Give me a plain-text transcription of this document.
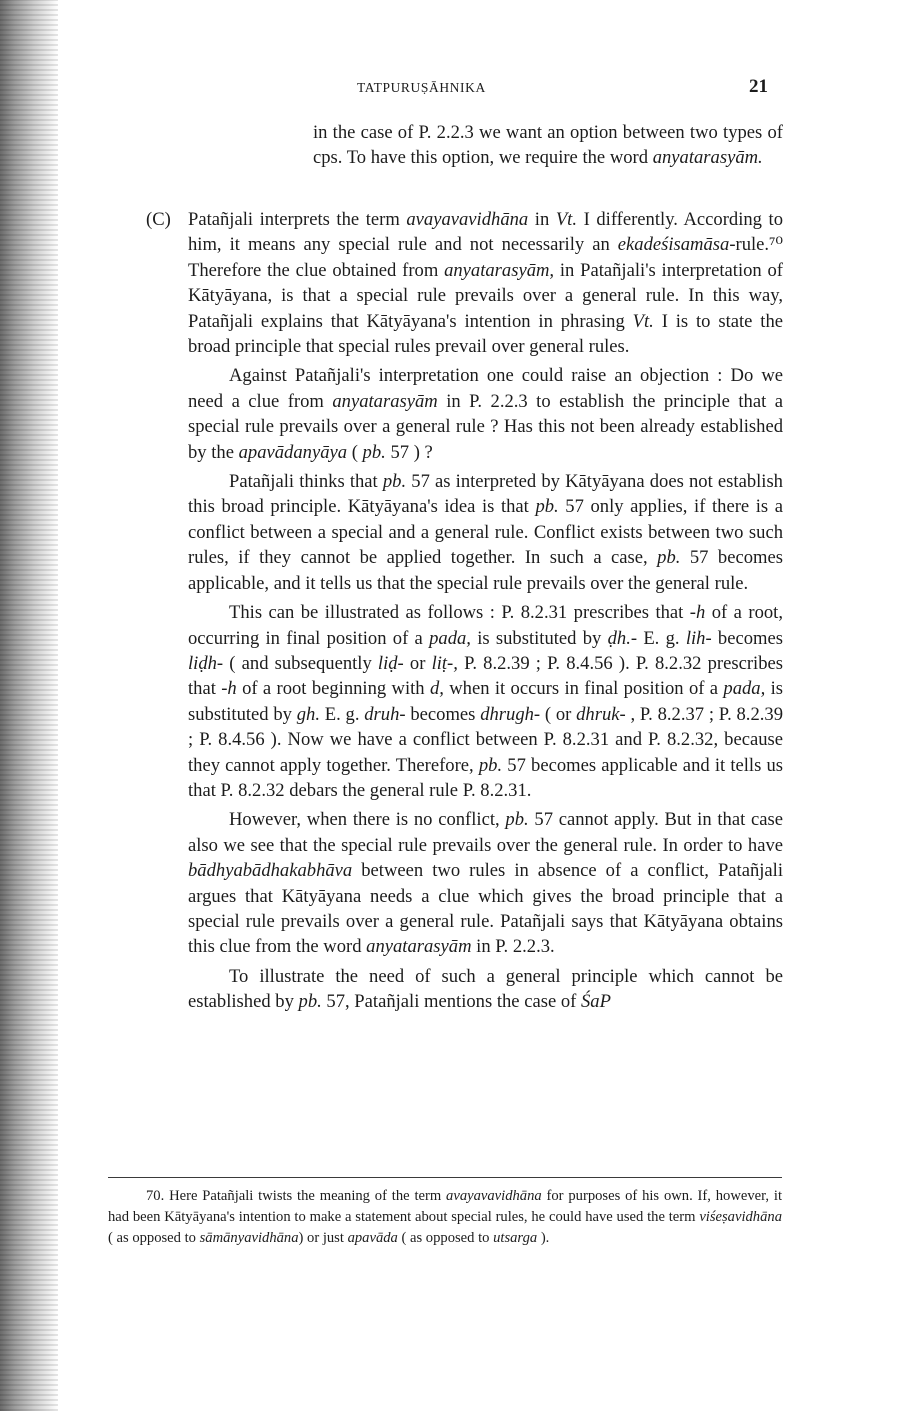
TATPURUṢĀHNIKA	21

in the case of P. 2.2.3 we want an option between two types of cps. To have this option, we require the word anyatarasyām.

(C) Patañjali interprets the term avayavavidhāna in Vt. I differently. According to him, it means any special rule and not necessarily an ekadeśisamāsa-rule.⁷⁰ Therefore the clue obtained from anyatarasyām, in Patañjali's interpretation of Kātyāyana, is that a special rule prevails over a general rule. In this way, Patañjali explains that Kātyāyana's intention in phrasing Vt. I is to state the broad principle that special rules prevail over general rules.

Against Patañjali's interpretation one could raise an objection : Do we need a clue from anyatarasyām in P. 2.2.3 to establish the principle that a special rule prevails over a general rule ? Has this not been already established by the apavādanyāya ( pb. 57 ) ?

Patañjali thinks that pb. 57 as interpreted by Kātyāyana does not establish this broad principle. Kātyāyana's idea is that pb. 57 only applies, if there is a conflict between a special and a general rule. Conflict exists between two such rules, if they cannot be applied together. In such a case, pb. 57 becomes applicable, and it tells us that the special rule prevails over the general rule.

This can be illustrated as follows : P. 8.2.31 prescribes that -h of a root, occurring in final position of a pada, is substituted by ḍh.- E. g. lih- becomes liḍh- ( and subsequently liḍ- or liṭ-, P. 8.2.39 ; P. 8.4.56 ). P. 8.2.32 prescribes that -h of a root beginning with d, when it occurs in final position of a pada, is substituted by gh. E. g. druh- becomes dhrugh- ( or dhruk- , P. 8.2.37 ; P. 8.2.39 ; P. 8.4.56 ). Now we have a conflict between P. 8.2.31 and P. 8.2.32, because they cannot apply together. Therefore, pb. 57 becomes applicable and it tells us that P. 8.2.32 debars the general rule P. 8.2.31.

However, when there is no conflict, pb. 57 cannot apply. But in that case also we see that the special rule prevails over the general rule. In order to have bādhyabādhakabhāva between two rules in absence of a conflict, Patañjali argues that Kātyāyana needs a clue which gives the broad principle that a special rule prevails over a general rule. Patañjali says that Kātyāyana obtains this clue from the word anyatarasyām in P. 2.2.3.

To illustrate the need of such a general principle which cannot be established by pb. 57, Patañjali mentions the case of ŚaP

70. Here Patañjali twists the meaning of the term avayavavidhāna for purposes of his own. If, however, it had been Kātyāyana's intention to make a statement about special rules, he could have used the term viśeṣavidhāna ( as opposed to sāmānyavidhāna) or just apavāda ( as opposed to utsarga ).
